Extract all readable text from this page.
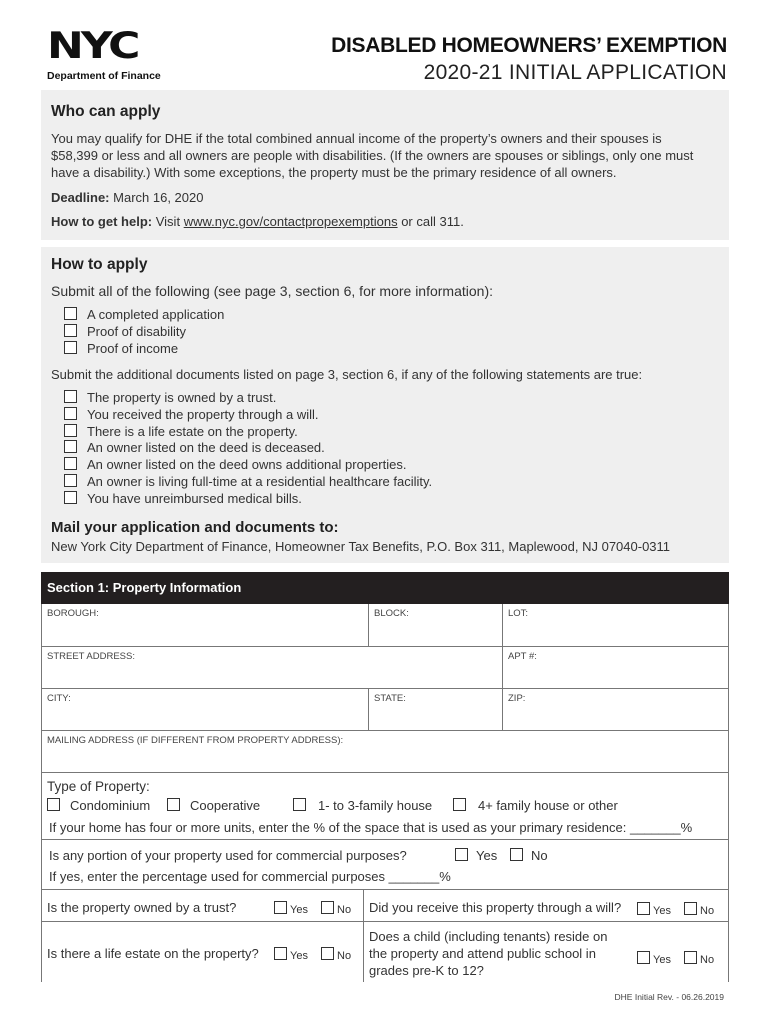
NYC
Department of Finance
DISABLED HOMEOWNERS’ EXEMPTION
2020-21 INITIAL APPLICATION
Who can apply
You may qualify for DHE if the total combined annual income of the property’s owners and their spouses is $58,399 or less and all owners are people with disabilities. (If the owners are spouses or siblings, only one must have a disability.) With some exceptions, the property must be the primary residence of all owners.
Deadline: March 16, 2020
How to get help: Visit www.nyc.gov/contactpropexemptions or call 311.
How to apply
Submit all of the following (see page 3, section 6, for more information):
A completed application
Proof of disability
Proof of income
Submit the additional documents listed on page 3, section 6, if any of the following statements are true:
The property is owned by a trust.
You received the property through a will.
There is a life estate on the property.
An owner listed on the deed is deceased.
An owner listed on the deed owns additional properties.
An owner is living full-time at a residential healthcare facility.
You have unreimbursed medical bills.
Mail your application and documents to:
New York City Department of Finance, Homeowner Tax Benefits, P.O. Box 311, Maplewood, NJ 07040-0311
Section 1: Property Information
BOROUGH:	BLOCK:	LOT:
STREET ADDRESS:	APT #:
CITY:	STATE:	ZIP:
MAILING ADDRESS (IF DIFFERENT FROM PROPERTY ADDRESS):
Type of Property:
Condominium	Cooperative	1- to 3-family house	4+ family house or other
If your home has four or more units, enter the % of the space that is used as your primary residence: _______%
Is any portion of your property used for commercial purposes?	Yes	No
If yes, enter the percentage used for commercial purposes _______%
Is the property owned by a trust?	Yes	No Did you receive this property through a will?	Yes	No
Is there a life estate on the property?	Yes	No
Does a child (including tenants) reside on the property and attend public school in grades pre-K to 12?
Yes	No
DHE Initial Rev. - 06.26.2019
